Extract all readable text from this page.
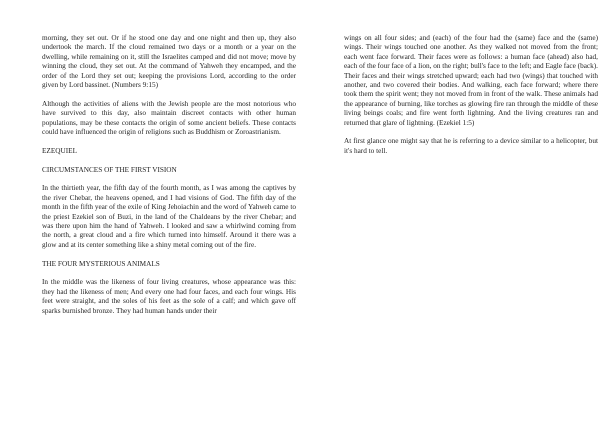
morning, they set out. Or if he stood one day and one night and then up, they also undertook the march. If the cloud remained two days or a month or a year on the dwelling, while remaining on it, still the Israelites camped and did not move; move by winning the cloud, they set out. At the command of Yahweh they encamped, and the order of the Lord they set out; keeping the provisions Lord, according to the order given by Lord bassinet. (Numbers 9:15)

Although the activities of aliens with the Jewish people are the most notorious who have survived to this day, also maintain discreet contacts with other human populations, may be these contacts the origin of some ancient beliefs. These contacts could have influenced the origin of religions such as Buddhism or Zoroastrianism.

EZEQUIEL
CIRCUMSTANCES OF THE FIRST VISION

In the thirtieth year, the fifth day of the fourth month, as I was among the captives by the river Chebar, the heavens opened, and I had visions of God. The fifth day of the month in the fifth year of the exile of King Jehoiachin and the word of Yahweh came to the priest Ezekiel son of Buzi, in the land of the Chaldeans by the river Chebar; and was there upon him the hand of Yahweh. I looked and saw a whirlwind coming from the north, a great cloud and a fire which turned into himself. Around it there was a glow and at its center something like a shiny metal coming out of the fire.

THE FOUR MYSTERIOUS ANIMALS

In the middle was the likeness of four living creatures, whose appearance was this: they had the likeness of men; And every one had four faces, and each four wings. His feet were straight, and the soles of his feet as the sole of a calf; and which gave off sparks burnished bronze. They had human hands under their

wings on all four sides; and (each) of the four had the (same) face and the (same) wings. Their wings touched one another. As they walked not moved from the front; each went face forward. Their faces were as follows: a human face (ahead) also had, each of the four face of a lion, on the right; bull's face to the left; and Eagle face (back). Their faces and their wings stretched upward; each had two (wings) that touched with another, and two covered their bodies. And walking, each face forward; where there took them the spirit went; they not moved from in front of the walk. These animals had the appearance of burning, like torches as glowing fire ran through the middle of these living beings coals; and fire went forth lightning. And the living creatures ran and returned that glare of lightning. (Ezekiel 1:5)

At first glance one might say that he is referring to a device similar to a helicopter, but it's hard to tell.
